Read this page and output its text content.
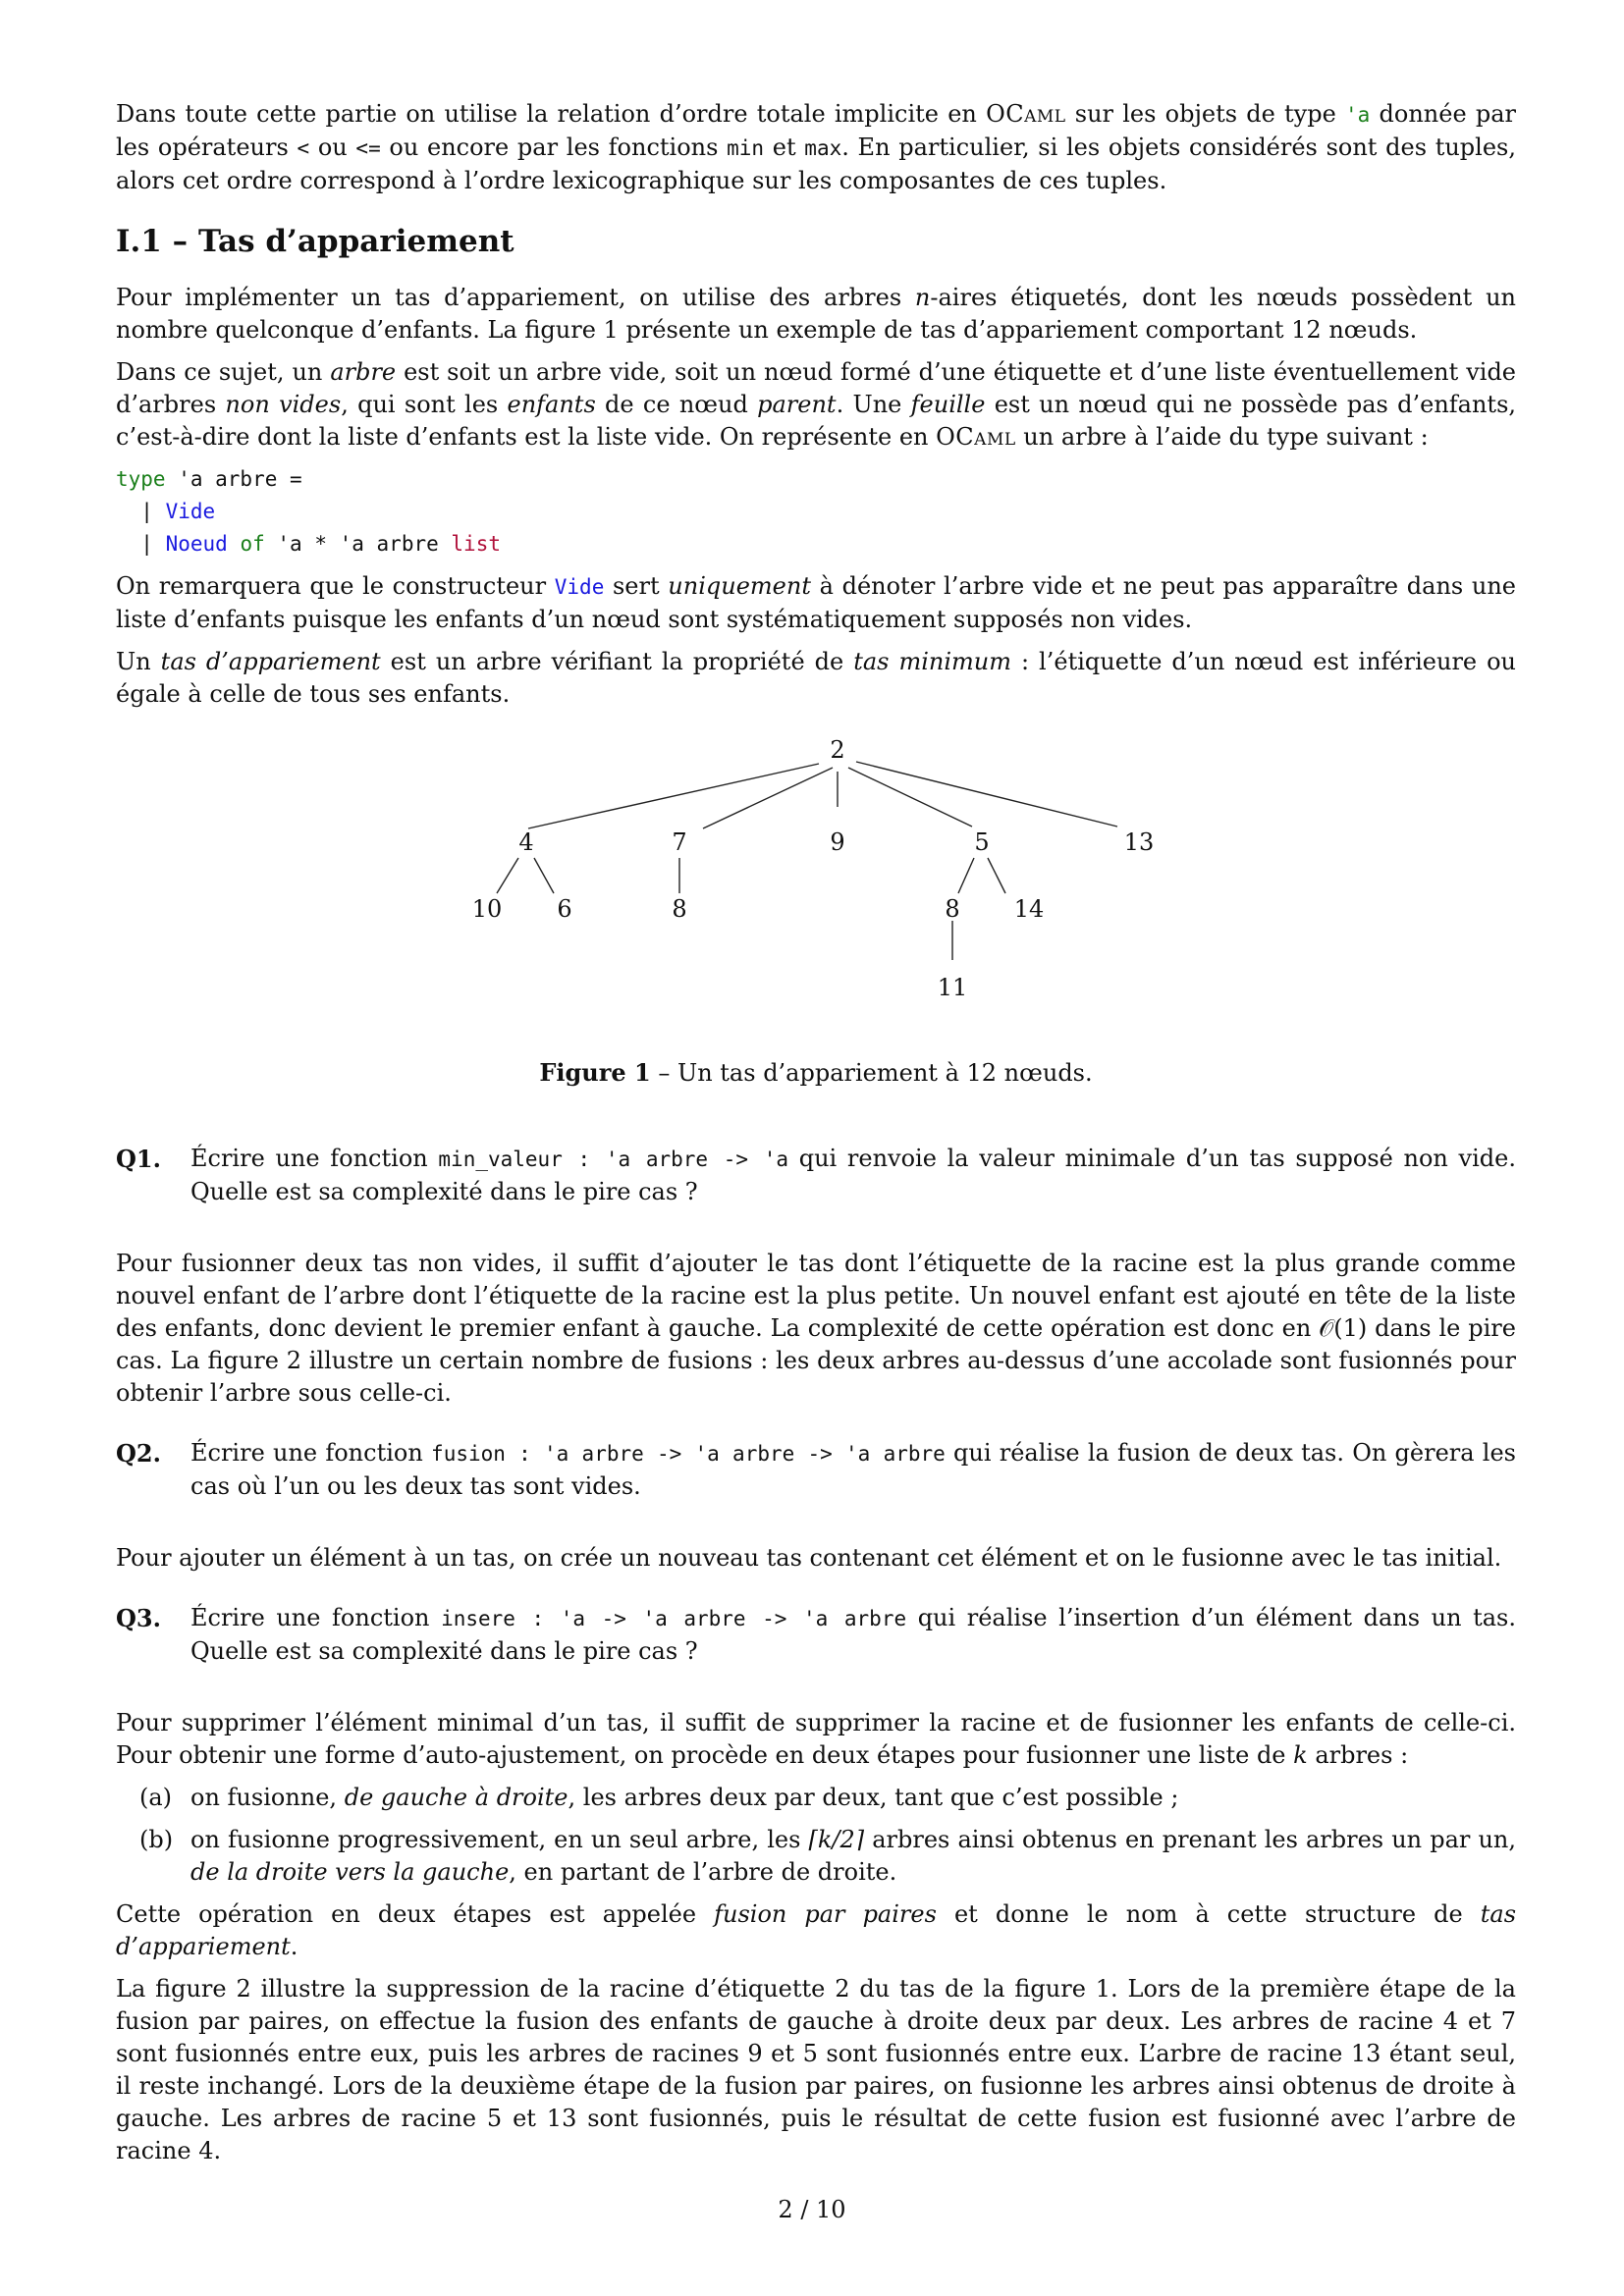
Dans toute cette partie on utilise la relation d’ordre totale implicite en OCaml sur les objets de type 'a donnée par les opérateurs < ou <= ou encore par les fonctions min et max. En particulier, si les objets considérés sont des tuples, alors cet ordre correspond à l’ordre lexicographique sur les composantes de ces tuples.

I.1 – Tas d’appariement

Pour implémenter un tas d’appariement, on utilise des arbres n-aires étiquetés, dont les nœuds possèdent un nombre quelconque d’enfants. La figure 1 présente un exemple de tas d’appariement comportant 12 nœuds.

Dans ce sujet, un arbre est soit un arbre vide, soit un nœud formé d’une étiquette et d’une liste éventuellement vide d’arbres non vides, qui sont les enfants de ce nœud parent. Une feuille est un nœud qui ne possède pas d’enfants, c’est-à-dire dont la liste d’enfants est la liste vide. On représente en OCaml un arbre à l’aide du type suivant :

type 'a arbre =
| Vide
| Noeud of 'a * 'a arbre list

On remarquera que le constructeur Vide sert uniquement à dénoter l’arbre vide et ne peut pas apparaître dans une liste d’enfants puisque les enfants d’un nœud sont systématiquement supposés non vides.

Un tas d’appariement est un arbre vérifiant la propriété de tas minimum : l’étiquette d’un nœud est inférieure ou égale à celle de tous ses enfants.

2
4	7	9	5	13
10 6	8	8 14
11
Figure 1 – Un tas d’appariement à 12 nœuds.
Q1.	Écrire une fonction min_valeur : 'a arbre -> 'a qui renvoie la valeur minimale d’un tas supposé non vide. Quelle est sa complexité dans le pire cas ?

Pour fusionner deux tas non vides, il suffit d’ajouter le tas dont l’étiquette de la racine est la plus grande comme nouvel enfant de l’arbre dont l’étiquette de la racine est la plus petite. Un nouvel enfant est ajouté en tête de la liste des enfants, donc devient le premier enfant à gauche. La complexité de cette opération est donc en 𝒪(1) dans le pire cas. La figure 2 illustre un certain nombre de fusions : les deux arbres au-dessus d’une accolade sont fusionnés pour obtenir l’arbre sous celle-ci.

Q2.	Écrire une fonction fusion : 'a arbre -> 'a arbre -> 'a arbre qui réalise la fusion de deux tas. On gèrera les cas où l’un ou les deux tas sont vides.

Pour ajouter un élément à un tas, on crée un nouveau tas contenant cet élément et on le fusionne avec le tas initial.

Q3.	Écrire une fonction insere : 'a -> 'a arbre -> 'a arbre qui réalise l’insertion d’un élément dans un tas. Quelle est sa complexité dans le pire cas ?

Pour supprimer l’élément minimal d’un tas, il suffit de supprimer la racine et de fusionner les enfants de celle-ci. Pour obtenir une forme d’auto-ajustement, on procède en deux étapes pour fusionner une liste de k arbres :

(a) on fusionne, de gauche à droite, les arbres deux par deux, tant que c’est possible ;
(b) on fusionne progressivement, en un seul arbre, les ⌈k/2⌉ arbres ainsi obtenus en prenant les arbres un par un, de la droite vers la gauche, en partant de l’arbre de droite.

Cette opération en deux étapes est appelée fusion par paires et donne le nom à cette structure de tas d’appariement.

La figure 2 illustre la suppression de la racine d’étiquette 2 du tas de la figure 1. Lors de la première étape de la fusion par paires, on effectue la fusion des enfants de gauche à droite deux par deux. Les arbres de racine 4 et 7 sont fusionnés entre eux, puis les arbres de racines 9 et 5 sont fusionnés entre eux. L’arbre de racine 13 étant seul, il reste inchangé. Lors de la deuxième étape de la fusion par paires, on fusionne les arbres ainsi obtenus de droite à gauche. Les arbres de racine 5 et 13 sont fusionnés, puis le résultat de cette fusion est fusionné avec l’arbre de racine 4.

2 / 10
